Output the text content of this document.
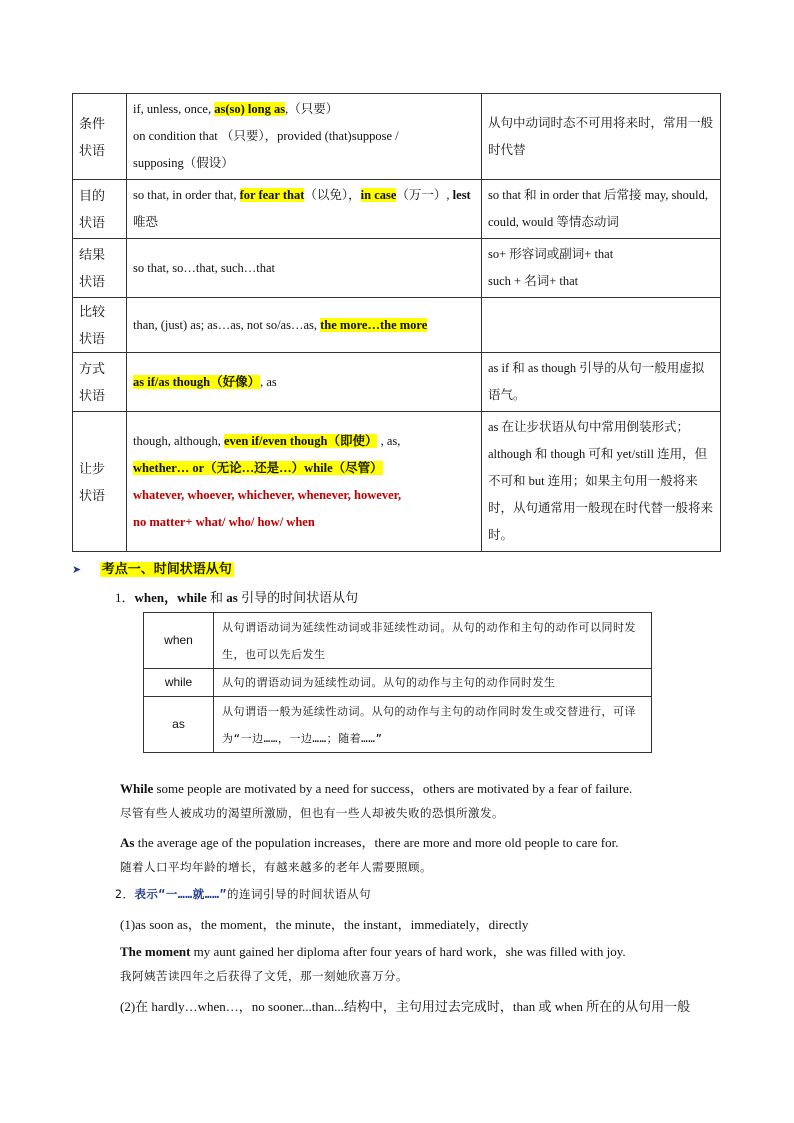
条件
状语	if, unless, once, as(so) long as,（只要）
on condition that （只要），provided (that)suppose /
supposing（假设）	从句中动词时态不可用将来时，常用一般时代替
目的
状语	so that, in order that, for fear that（以免），in case（万一）, lest 唯恐	so that 和 in order that 后常接 may, should, could, would 等情态动词
结果
状语	so that, so…that, such…that	so+ 形容词或副词+ that
such + 名词+ that
比较
状语	than, (just) as; as…as, not so/as…as, the more…the more	
方式
状语	as if/as though（好像）, as	as if 和 as though 引导的从句一般用虚拟语气。
让步
状语	though, although, even if/even though（即使） , as,
whether… or（无论…还是…）while（尽管）
whatever, whoever, whichever, whenever, however,
no matter+ what/ who/ how/ when	as 在让步状语从句中常用倒装形式；although 和 though 可和 yet/still 连用，但不可和 but 连用；如果主句用一般将来时，从句通常用一般现在时代替一般将来时。
➤ 考点一、时间状语从句
1．when，while 和 as 引导的时间状语从句
when	从句谓语动词为延续性动词或非延续性动词。从句的动作和主句的动作可以同时发生，也可以先后发生
while	从句的谓语动词为延续性动词。从句的动作与主句的动作同时发生
as	从句谓语一般为延续性动词。从句的动作与主句的动作同时发生或交替进行，可译为“一边……，一边……；随着……”
While some people are motivated by a need for success，others are motivated by a fear of failure.
尽管有些人被成功的渴望所激励，但也有一些人却被失败的恐惧所激发。
As the average age of the population increases，there are more and more old people to care for.
随着人口平均年龄的增长，有越来越多的老年人需要照顾。
2．表示“一……就……”的连词引导的时间状语从句
(1)as soon as，the moment，the minute，the instant，immediately，directly
The moment my aunt gained her diploma after four years of hard work，she was filled with joy.
我阿姨苦读四年之后获得了文凭，那一刻她欣喜万分。
(2)在 hardly…when…，no sooner...than...结构中，主句用过去完成时，than 或 when 所在的从句用一般
